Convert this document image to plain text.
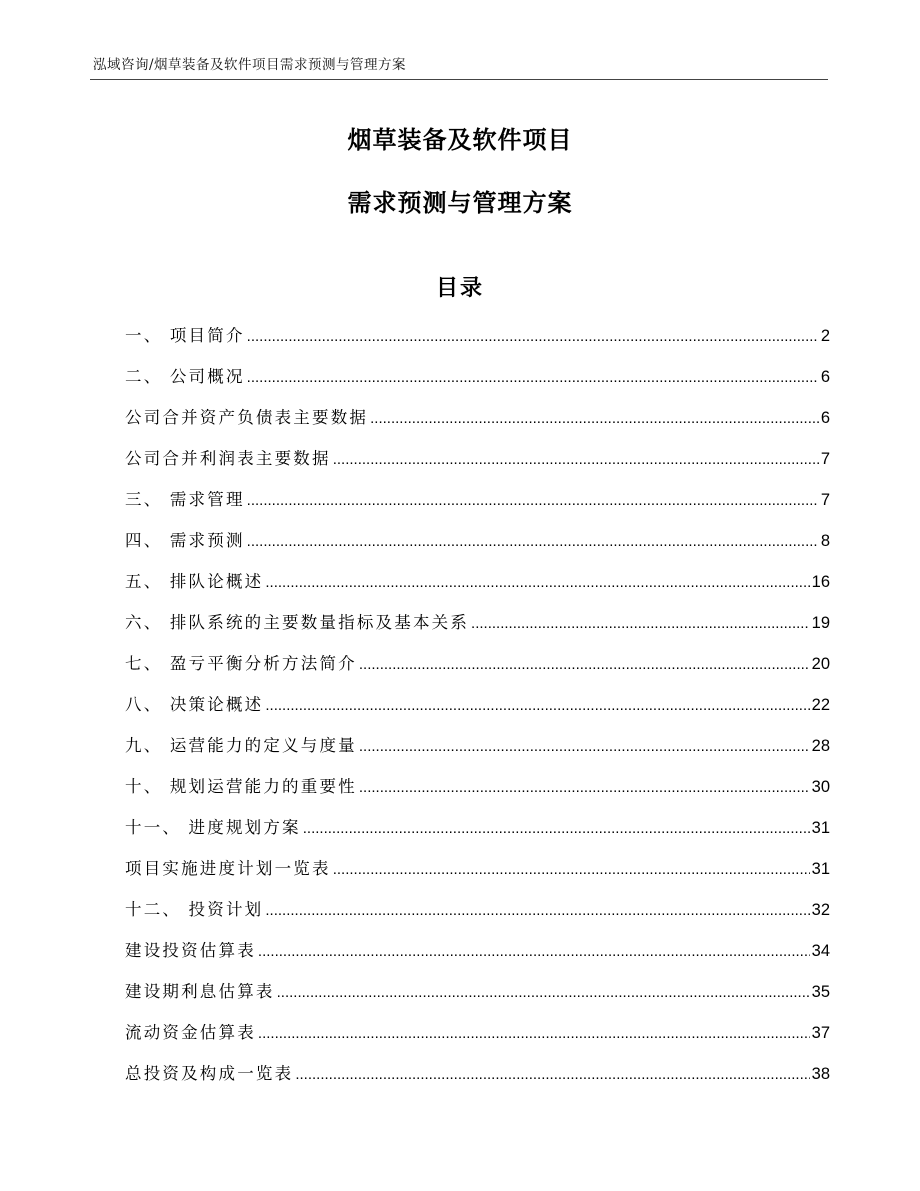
泓域咨询/烟草装备及软件项目需求预测与管理方案
烟草装备及软件项目
需求预测与管理方案
目录
一、 项目简介 .....	2
二、 公司概况 .....	6
公司合并资产负债表主要数据 .....	6
公司合并利润表主要数据 .....	7
三、 需求管理 .....	7
四、 需求预测 .....	8
五、 排队论概述 .....	16
六、 排队系统的主要数量指标及基本关系 .....	19
七、 盈亏平衡分析方法简介 .....	20
八、 决策论概述 .....	22
九、 运营能力的定义与度量 .....	28
十、 规划运营能力的重要性 .....	30
十一、 进度规划方案 .....	31
项目实施进度计划一览表 .....	31
十二、 投资计划 .....	32
建设投资估算表 .....	34
建设期利息估算表 .....	35
流动资金估算表 .....	37
总投资及构成一览表 .....	38
